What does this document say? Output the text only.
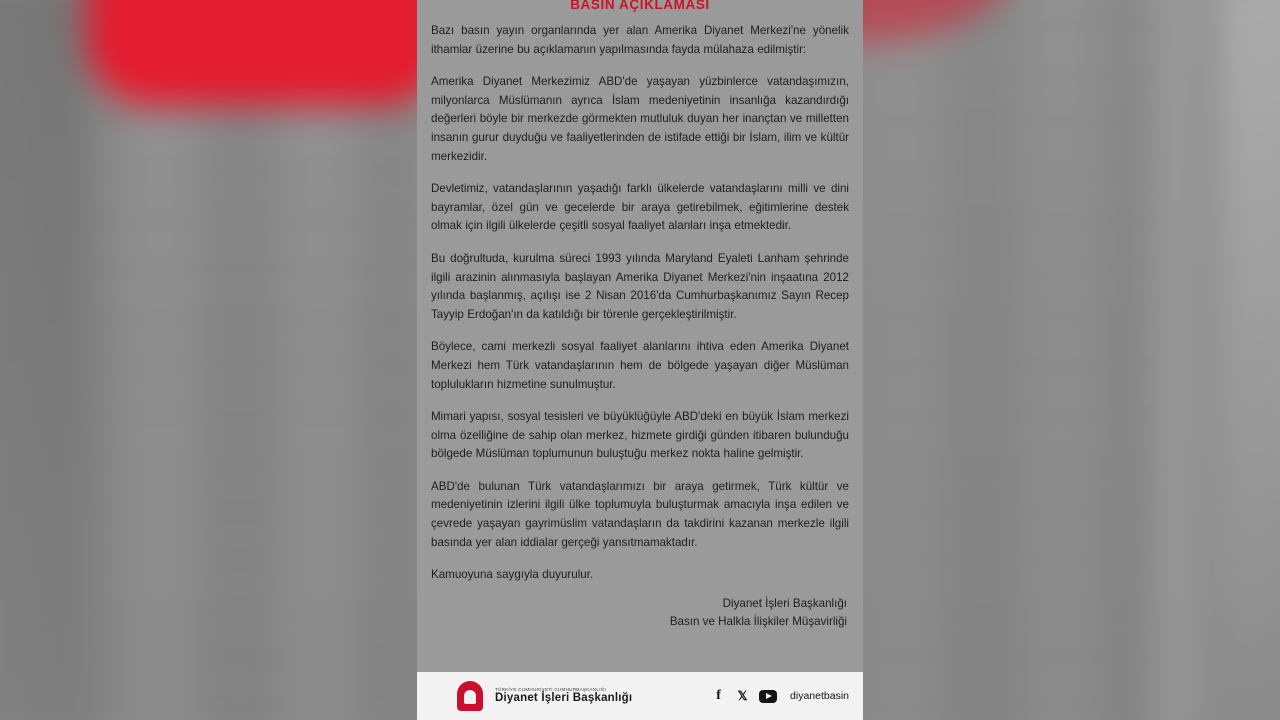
BASIN AÇIKLAMASI

Bazı basın yayın organlarında yer alan Amerika Diyanet Merkezi'ne yönelik ithamlar üzerine bu açıklamanın yapılmasında fayda mülahaza edilmiştir:

Amerika Diyanet Merkezimiz ABD'de yaşayan yüzbinlerce vatandaşımızın, milyonlarca Müslümanın ayrıca İslam medeniyetinin insanlığa kazandırdığı değerleri böyle bir merkezde görmekten mutluluk duyan her inançtan ve milletten insanın gurur duyduğu ve faaliyetlerinden de istifade ettiği bir İslam, ilim ve kültür merkezidir.

Devletimiz, vatandaşlarının yaşadığı farklı ülkelerde vatandaşlarını milli ve dini bayramlar, özel gün ve gecelerde bir araya getirebilmek, eğitimlerine destek olmak için ilgili ülkelerde çeşitli sosyal faaliyet alanları inşa etmektedir.

Bu doğrultuda, kurulma süreci 1993 yılında Maryland Eyaleti Lanham şehrinde ilgili arazinin alınmasıyla başlayan Amerika Diyanet Merkezi'nin inşaatına 2012 yılında başlanmış, açılışı ise 2 Nisan 2016'da Cumhurbaşkanımız Sayın Recep Tayyip Erdoğan'ın da katıldığı bir törenle gerçekleştirilmiştir.

Böylece, cami merkezli sosyal faaliyet alanlarını ihtiva eden Amerika Diyanet Merkezi hem Türk vatandaşlarının hem de bölgede yaşayan diğer Müslüman toplulukların hizmetine sunulmuştur.

Mimari yapısı, sosyal tesisleri ve büyüklüğüyle ABD'deki en büyük İslam merkezi olma özelliğine de sahip olan merkez, hizmete girdiği günden itibaren bulunduğu bölgede Müslüman toplumunun buluştuğu merkez nokta haline gelmiştir.

ABD'de bulunan Türk vatandaşlarımızı bir araya getirmek, Türk kültür ve medeniyetinin izlerini ilgili ülke toplumuyla buluşturmak amacıyla inşa edilen ve çevrede yaşayan gayrimüslim vatandaşların da takdirini kazanan merkezle ilgili basında yer alan iddialar gerçeği yansıtmamaktadır.

Kamuoyuna saygıyla duyurulur.

Diyanet İşleri Başkanlığı
Basın ve Halkla İlişkiler Müşavirliği
TÜRKİYE CUMHURİYETİ CUMHURBAŞKANLIĞI
Diyanet İşleri Başkanlığı	f	𝕏	diyanetbasin
